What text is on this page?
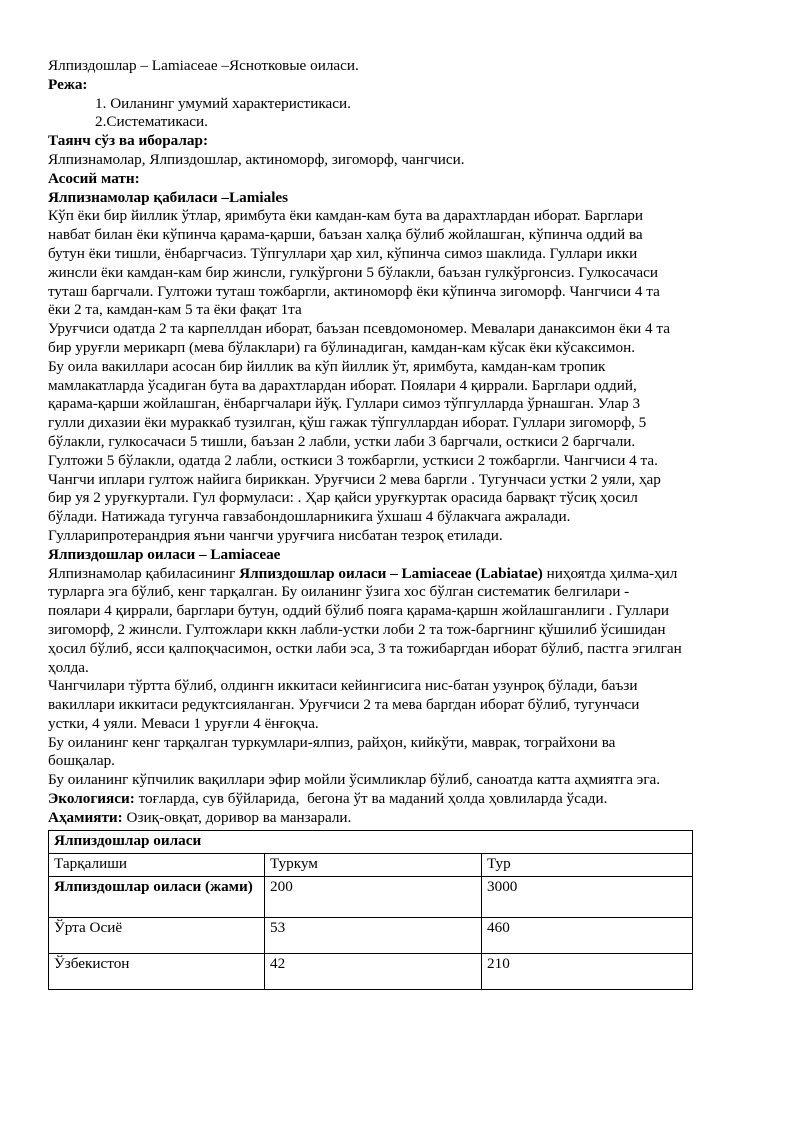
Ялпиздошлар – Lamiaceae –Яснотковые оиласи.

Режа:

1. Оиланинг умумий характеристикаси.

2.Систематикаси.

Таянч сўз ва иборалар:

Ялпизнамолар, Ялпиздошлар, актиноморф, зигоморф, чангчиси.

Асосий матн:

Ялпизнамолар қабиласи –Lamiales

Кўп ёки бир йиллик ўтлар, яримбута ёки камдан-кам бута ва дарахтлардан иборат. Барглари

навбат билан ёки кўпинча қарама-қарши, баъзан халқа бўлиб жойлашган, кўпинча оддий ва

бутун ёки тишли, ёнбаргчасиз. Тўпгуллари ҳар хил, кўпинча симоз шаклида. Гуллари икки

жинсли ёки камдан-кам бир жинсли, гулкўргони 5 бўлакли, баъзан гулкўргонсиз. Гулкосачаси

туташ баргчали. Гултожи туташ тожбаргли, актиноморф ёки кўпинча зигоморф. Чангчиси 4 та

ёки 2 та, камдан-кам 5 та ёки фақат 1та

Уруғчиси одатда 2 та карпеллдан иборат, баъзан псевдомономер. Мевалари данаксимон ёки 4 та

бир уруғли мерикарп (мева бўлаклари) га бўлинадиган, камдан-кам кўсак ёки кўсаксимон.

Бу оила вакиллари асосан бир йиллик ва кўп йиллик ўт, яримбута, камдан-кам тропик

мамлакатларда ўсадиган бута ва дарахтлардан иборат. Поялари 4 қиррали. Барглари оддий,

қарама-қарши жойлашган, ёнбаргчалари йўқ. Гуллари симоз тўпгулларда ўрнашган. Улар 3

гулли дихазии ёки мураккаб тузилган, қўш гажак тўпгуллардан иборат. Гуллари зигоморф, 5

бўлакли, гулкосачаси 5 тишли, баъзан 2 лабли, устки лаби 3 баргчали, осткиси 2 баргчали.

Гултожи 5 бўлакли, одатда 2 лабли, осткиси 3 тожбаргли, усткиси 2 тожбаргли. Чангчиси 4 та.

Чангчи иплари гултож найига бириккан. Уруғчиси 2 мева баргли . Тугунчаси устки 2 уяли, ҳар

бир уя 2 уруғкуртали. Гул формуласи: . Ҳар қайси уруғкуртак орасида барвақт тўсиқ ҳосил

бўлади. Натижада тугунча гавзабондошларникига ўхшаш 4 бўлакчага ажралади.

Гулларипротерандрия яъни чангчи уруғчига нисбатан тезроқ етилади.

Ялпиздошлар оиласи – Lamiaceae

Ялпизнамолар қабиласининг Ялпиздошлар оиласи – Lamiaceae (Labiatae) ниҳоятда ҳилма-ҳил

турларга эга бўлиб, кенг тарқалган. Бу оиланинг ўзига хос бўлган систематик белгилари -

поялари 4 қиррали, барглари бутун, оддий бўлиб пояга қарама-қаршн жойлашганлиги . Гуллари

зигоморф, 2 жинсли. Гултожлари кккн лабли-устки лоби 2 та тож-баргнинг қўшилиб ўсишидан

ҳосил бўлиб, ясси қалпоқчасимон, остки лаби эса, 3 та тожибаргдан иборат бўлиб, пастга эгилган

ҳолда.

Чангчилари тўртта бўлиб, олдингн иккитаси кейингисига нис-батан узунроқ бўлади, баъзи

вакиллари иккитаси редуктсияланган. Уруғчиси 2 та мева баргдан иборат бўлиб, тугунчаси

устки, 4 уяли. Меваси 1 уруғли 4 ёнғоқча.

Бу оиланинг кенг тарқалган туркумлари-ялпиз, райҳон, кийкўти, маврак, тограйхони ва

бошқалар.

Бу оиланинг кўпчилик вақиллари эфир мойли ўсимликлар бўлиб, саноатда катта аҳмиятга эга.

Экологияси: тоғларда, сув бўйларида,  бегона ўт ва маданий ҳолда ҳовлиларда ўсади.

Аҳамияти: Озиқ-овқат, доривор ва манзарали.

Ялпиздошлар оиласи		
Тарқалиши	Туркум	Тур
Ялпиздошлар оиласи (жами)	200	3000
Ўрта Осиё	53	460
Ўзбекистон	42	210
